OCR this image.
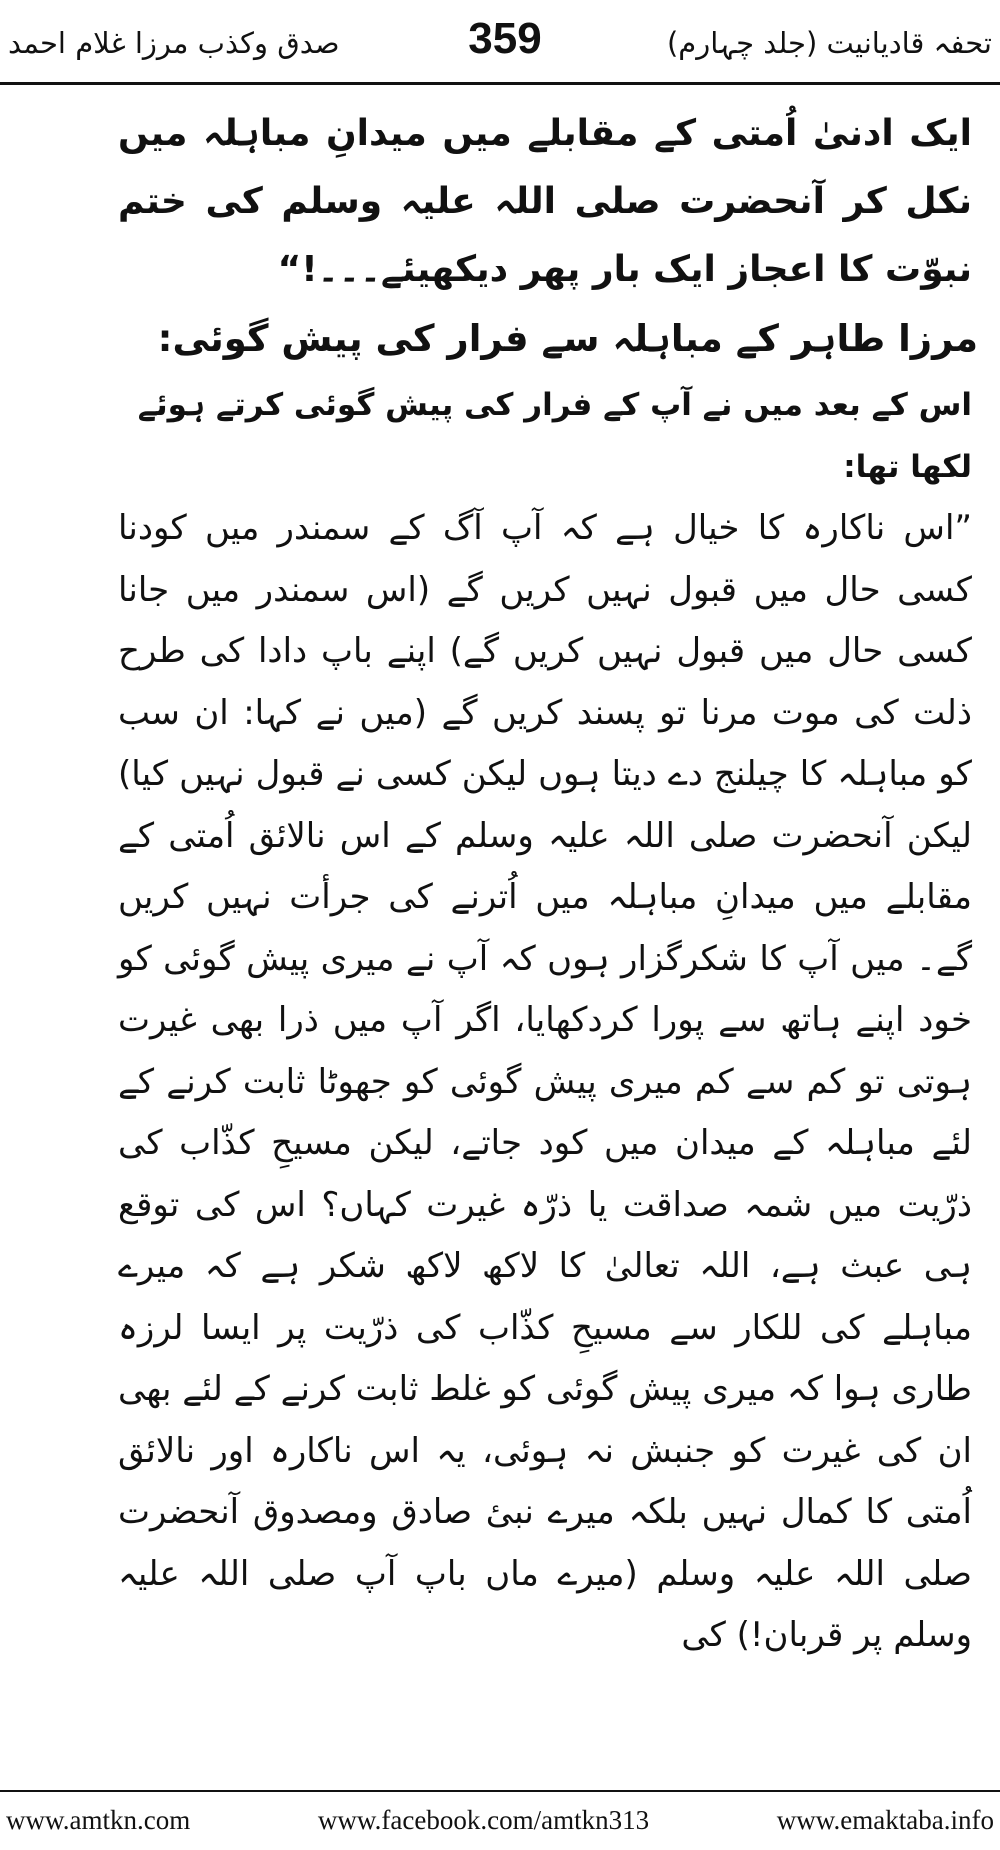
صدق وکذب مرزا غلام احمد	359	تحفہ قادیانیت (جلد چہارم)

ایک ادنیٰ اُمتی کے مقابلے میں میدانِ مباہلہ میں نکل کر آنحضرت صلی اللہ علیہ وسلم کی ختم نبوّت کا اعجاز ایک بار پھر دیکھیئے۔۔۔!“

مرزا طاہر کے مباہلہ سے فرار کی پیش گوئی:

اس کے بعد میں نے آپ کے فرار کی پیش گوئی کرتے ہوئے لکھا تھا:

”اس ناکارہ کا خیال ہے کہ آپ آگ کے سمندر میں کودنا کسی حال میں قبول نہیں کریں گے (اس سمندر میں جانا کسی حال میں قبول نہیں کریں گے) اپنے باپ دادا کی طرح ذلت کی موت مرنا تو پسند کریں گے (میں نے کہا: ان سب کو مباہلہ کا چیلنج دے دیتا ہوں لیکن کسی نے قبول نہیں کیا) لیکن آنحضرت صلی اللہ علیہ وسلم کے اس نالائق اُمتی کے مقابلے میں میدانِ مباہلہ میں اُترنے کی جرأت نہیں کریں گے۔ میں آپ کا شکرگزار ہوں کہ آپ نے میری پیش گوئی کو خود اپنے ہاتھ سے پورا کردکھایا، اگر آپ میں ذرا بھی غیرت ہوتی تو کم سے کم میری پیش گوئی کو جھوٹا ثابت کرنے کے لئے مباہلہ کے میدان میں کود جاتے، لیکن مسیحِ کذّاب کی ذرّیت میں شمہ صداقت یا ذرّہ غیرت کہاں؟ اس کی توقع ہی عبث ہے، اللہ تعالیٰ کا لاکھ لاکھ شکر ہے کہ میرے مباہلے کی للکار سے مسیحِ کذّاب کی ذرّیت پر ایسا لرزہ طاری ہوا کہ میری پیش گوئی کو غلط ثابت کرنے کے لئے بھی ان کی غیرت کو جنبش نہ ہوئی، یہ اس ناکارہ اور نالائق اُمتی کا کمال نہیں بلکہ میرے نبیٔ صادق ومصدوق آنحضرت صلی اللہ علیہ وسلم (میرے ماں باپ آپ صلی اللہ علیہ وسلم پر قربان!) کی

www.amtkn.com	www.facebook.com/amtkn313	www.emaktaba.info
